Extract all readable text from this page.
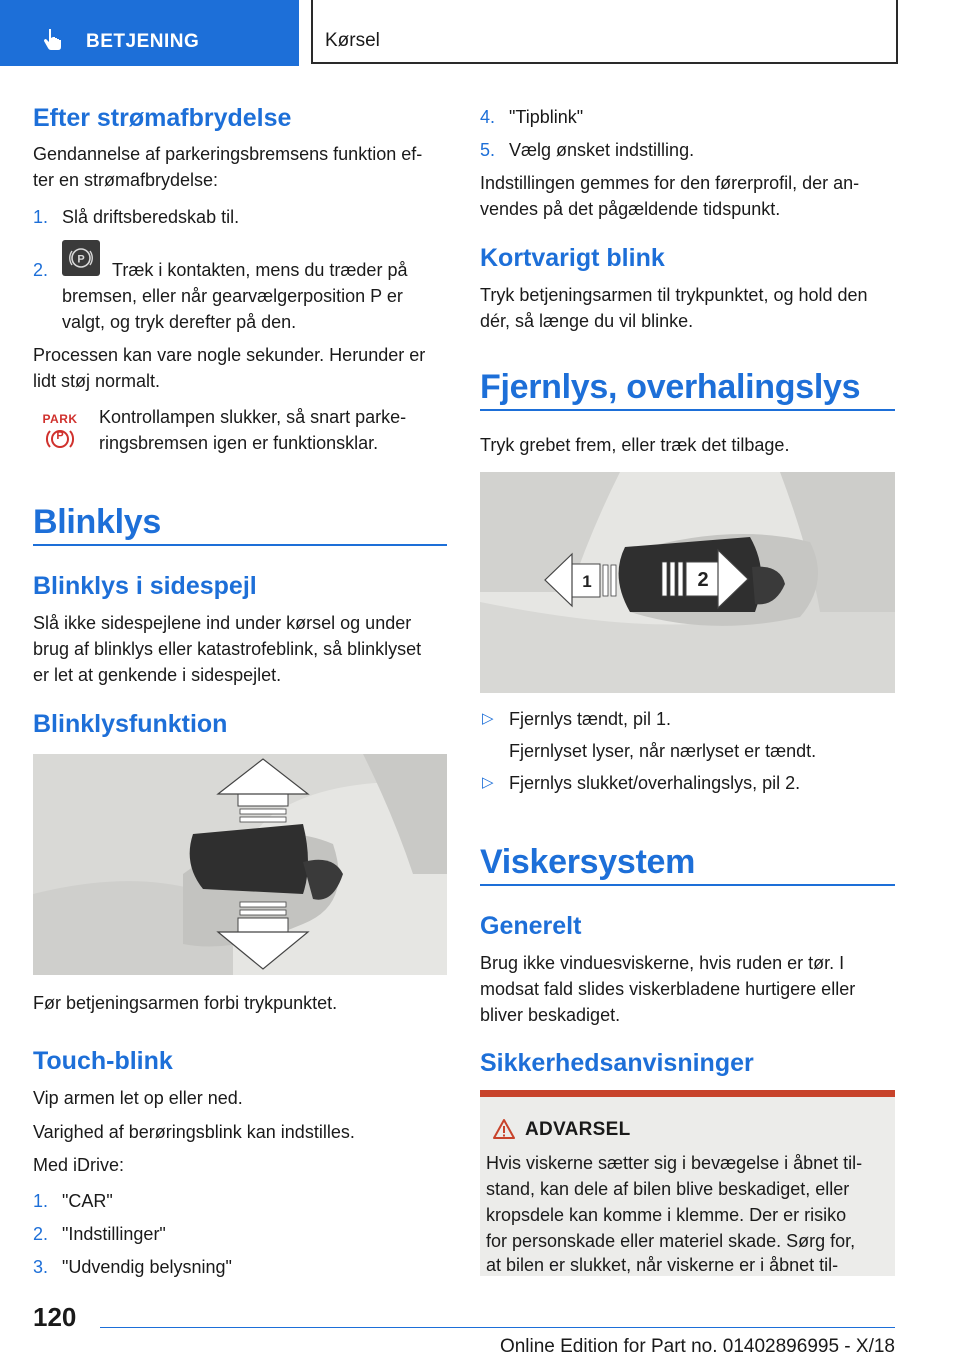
BETJENING	Kørsel
Efter strømafbrydelse

Gendannelse af parkeringsbremsens funktion ef-

ter en strømafbrydelse:

1. Slå driftsberedskab til.

2.
P

Træk i kontakten, mens du træder på

bremsen, eller når gearvælgerposition P er

valgt, og tryk derefter på den.

Processen kan vare nogle sekunder. Herunder er

lidt støj normalt.

PARK
P

Kontrollampen slukker, så snart parke-

ringsbremsen igen er funktionsklar.

Blinklys
Blinklys i sidespejl

Slå ikke sidespejlene ind under kørsel og under

brug af blinklys eller katastrofeblink, så blinklyset

er let at genkende i sidespejlet.

Blinklysfunktion

Før betjeningsarmen forbi trykpunktet.

Touch-blink

Vip armen let op eller ned.

Varighed af berøringsblink kan indstilles.

Med iDrive:

1. "CAR"

2. "Indstillinger"

3. "Udvendig belysning"

4. "Tipblink"

5. Vælg ønsket indstilling.

Indstillingen gemmes for den førerprofil, der an-

vendes på det pågældende tidspunkt.

Kortvarigt blink

Tryk betjeningsarmen til trykpunktet, og hold den

dér, så længe du vil blinke.

Fjernlys, overhalingslys

Tryk grebet frem, eller træk det tilbage.

1	2
▷ Fjernlys tændt, pil 1.

Fjernlyset lyser, når nærlyset er tændt.

▷ Fjernlys slukket/overhalingslys, pil 2.

Viskersystem
Generelt

Brug ikke vinduesviskerne, hvis ruden er tør. I

modsat fald slides viskerbladene hurtigere eller

bliver beskadiget.

Sikkerhedsanvisninger
ADVARSEL

Hvis viskerne sætter sig i bevægelse i åbnet til-

stand, kan dele af bilen blive beskadiget, eller

kropsdele kan komme i klemme. Der er risiko

for personskade eller materiel skade. Sørg for,

at bilen er slukket, når viskerne er i åbnet til-

120
Online Edition for Part no. 01402896995 - X/18
